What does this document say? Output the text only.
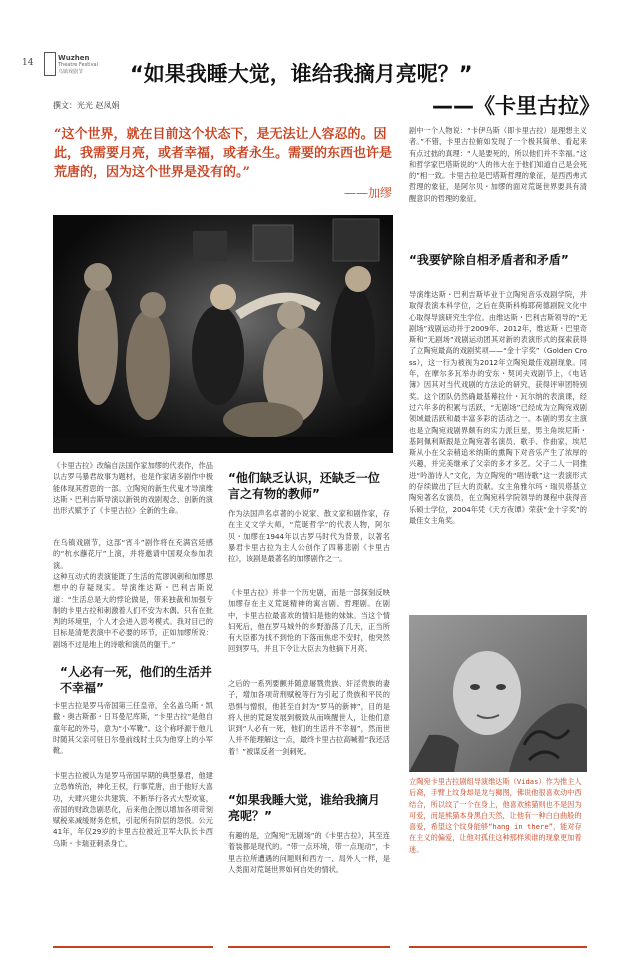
14	Wuzhen
Theatre Festival
乌镇戏剧节 “如果我睡大觉，谁给我摘月亮呢？”
——《卡里古拉》
撰文：光光 赵凤娟
“这个世界，就在目前这个状态下，是无法让人容忍的。因此，我需要月亮，或者幸福，或者永生。需要的东西也许是荒唐的，因为这个世界是没有的。”
——加缪
《卡里古拉》改编自法国作家加缪的代表作，作品以古罗马暴君故事为题材，也是作家诸多剧作中极能体现其哲思的一部。立陶宛的新生代鬼才导演维达斯・巴利吉斯导演以新锐的戏剧观念、创新的演出形式赋予了《卡里古拉》全新的生命。
在乌镇戏剧节，这部“宵斗”剧作将在充满宫廷感的“杭水蘸花厅”上演，并将邀请中国观众参加表演。
这种互动式的表演能既了生活的荒谬讽刺和加缪思想中的存疑现实。导演维达斯・巴利吉斯说道：“生活总是大的悖论做是，带来独裁和加强专制的卡里古拉和刺激着人们不安为木偶。只有在批判的环境里，个人才会进入思考模式。我对目已的目标是清楚表演中不必要的环节，正如加缪所说：剧场不过是地上的诗歌和演员的躯干。”
“人必有一死，他们的生活并不幸福”
卡里古拉是罗马帝国第三任皇帝，全名盖乌斯・凯撒・奥古斯都・日耳曼尼库斯，“卡里古拉”是他自童年起的外号，意为“小军靴”。这个称呼源于他儿时随其父亲可驻日尔曼前线时士兵为他穿上的小军靴。
卡里古拉被认为是罗马帝国早期的典型暴君，他建立恐怖统治，神化王权，行事荒唐，由于他好大喜功，大肆兴建公共建筑、不断举行各式大型欢宴，帝国的财政急剧恶化，后来他企图以增加各项苛刻赋税来减缓财务危机，引起所有阶层的怨恨。公元41年，年仅29岁的卡里古拉被近卫军大队长卡西乌斯・卡瑞亚刺杀身亡。
“他们缺乏认识，还缺乏一位言之有物的教师”
作为法国声名卓著的小说家、散文家和剧作家，存在主义文学大师，“荒诞哲学”的代表人物，阿尔贝・加缪在1944年以古罗马时代为背景，以著名暴君卡里古拉为主人公创作了四幕悲剧《卡里古拉》，该剧是最著名的加缪剧作之一。
《卡里古拉》并非一个历史剧，而是一部探刻反映加缪存在主义荒诞精神的寓言剧、哲理剧。在剧中，卡里古拉最喜欢的情妇是他的妹妹。当这个情妇死后，他在罗马城外的乡野游荡了几天，正当所有大臣都为找不到怆的下落而焦虑不安时，他突然回到罗马，并且下令让大臣去为他摘下月亮。
之后的一系列要颤并随意屠戮贵族、奸淫贵族的妻子，增加各项苛刑赋税等行为引起了贵族和平民的恐惧与憎恨，他甚至自封为“罗马的新神”，目的是将人世的荒诞发展到极致从而唤醒世人，让他们意识到“人必有一死，他们的生活并不幸福”，然而世人并不能理解这一点，最终卡里古拉高喊着“我还活着！”被谋反者一剑刺死。
“如果我睡大觉，谁给我摘月亮呢？”
有趣的是，立陶宛“无剧场”的《卡里古拉》，其至连着装都是现代的。“带一点环境，带一点现动”，卡里古拉所遭遇的问题则和西方一、局外人一样，是人类面对荒诞世界如何自处的情状。
剧中一个人物说：“卡伊乌斯（即卡里古拉）是理想主义者。”不错，卡里古拉俯如发现了一个极其简单、看起来有点过拙的真理：“人是要死的，所以他们并不幸福。”这和哲学家巴塔斯说的“人的伟大在于他们知道自己是会死的”相一致。卡里古拉是巴塔斯哲理的象征，是西西弗式哲理的象征，是阿尔贝・加缪的面对荒诞世界要具有清醒意识的哲理的象征。
“我要铲除自相矛盾者和矛盾”
导演维达斯・巴利吉斯毕业于立陶宛音乐戏剧学院，并取得表演本科学位，之后在莫斯科梅耶荷德剧院文化中心取得导演研究生学位。由维达斯・巴利吉斯领导的“无剧场”戏剧运动并于2009年、2012年，维达斯・巴里奇斯和“无剧场”戏剧运动团其对新的表演形式的探索获得了立陶宛最高的戏剧奖项——“金十字奖”（Golden Cross），这一行为被视为2012年立陶宛最佳戏剧现象。同年，在摩尔多瓦举办的安东・契诃夫戏剧节上，《电话簿》因其对当代戏剧的方法论的研究，获得评审团特别奖。这个团队仍然确最基幕拉什・瓦尔纳的表演课，经过六年多的积累与活跃，“无剧场”已经成为立陶宛戏剧领域最活跃和最丰富多彩的活动之一。本剧的男女主演也是立陶宛戏剧界颇有的实力派巨星，男主角埃尼斯・基阿佩利斯跟是立陶宛著名演员、歌手、作曲家，埃尼斯从小在父亲稍追米纳斯的熏陶下对音乐产生了浓厚的兴趣，并完美继承了父亲的多才多艺。父子二人一同推进“吟游诗人”文化，为立陶宛的“唱诗歌”这一表演形式的存续做出了巨大的贡献。女主角雅尔玛・瑞贝塔基立陶宛著名女演员，在立陶宛科学院领导的课程中获得音乐硕士学位，2004年凭《天方夜谭》荣获“金十字奖”的最佳女主角奖。
立陶宛卡里古拉剧组导演维达斯（Vidas）作为推主人后裔，手臂上纹身却是龙与狮图，佛说他很喜欢动中西结合，所以纹了一个在身上，他喜欢熊猫则也不是因为可爱，而是熊猫本身黑白天然，让他有一种白白曲般的喜爱，希望这个纹身能够“hang in there”，能对存在主义的偏爱，让他对孤住这种那样须谁的现象更加着迷。
